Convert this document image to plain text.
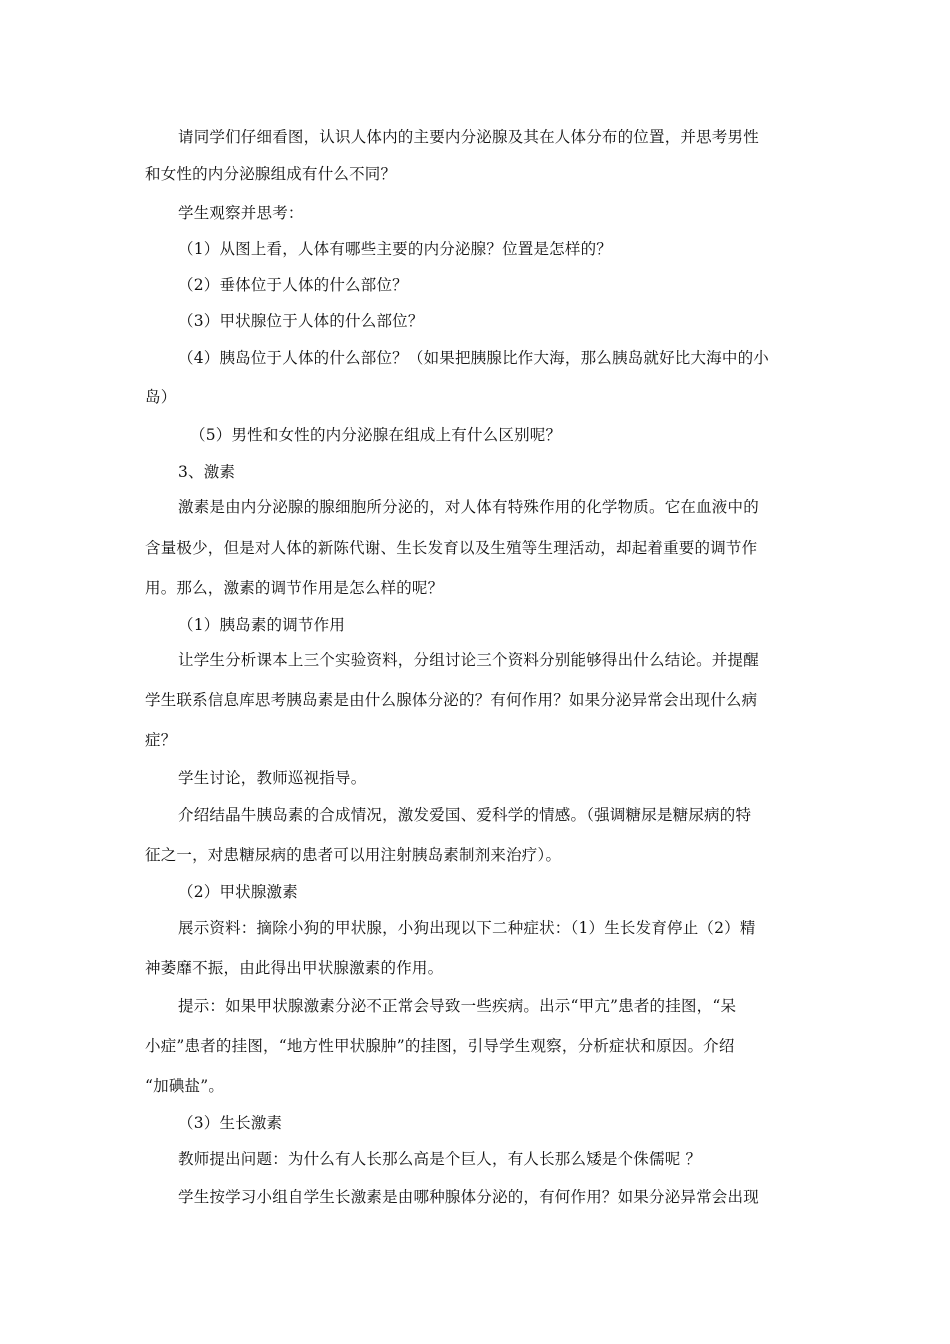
请同学们仔细看图，认识人体内的主要内分泌腺及其在人体分布的位置，并思考男性
和女性的内分泌腺组成有什么不同？
学生观察并思考：
（1）从图上看，人体有哪些主要的内分泌腺？位置是怎样的？
（2）垂体位于人体的什么部位？
（3）甲状腺位于人体的什么部位？
（4）胰岛位于人体的什么部位？（如果把胰腺比作大海，那么胰岛就好比大海中的小
岛）
（5）男性和女性的内分泌腺在组成上有什么区别呢？
3、激素
激素是由内分泌腺的腺细胞所分泌的，对人体有特殊作用的化学物质。它在血液中的
含量极少，但是对人体的新陈代谢、生长发育以及生殖等生理活动，却起着重要的调节作
用。那么，激素的调节作用是怎么样的呢？
（1）胰岛素的调节作用
让学生分析课本上三个实验资料，分组讨论三个资料分别能够得出什么结论。并提醒
学生联系信息库思考胰岛素是由什么腺体分泌的？有何作用？如果分泌异常会出现什么病
症？
学生讨论，教师巡视指导。
介绍结晶牛胰岛素的合成情况，激发爱国、爱科学的情感。（强调糖尿是糖尿病的特
征之一，对患糖尿病的患者可以用注射胰岛素制剂来治疗）。
（2）甲状腺激素
展示资料：摘除小狗的甲状腺，小狗出现以下二种症状：（1）生长发育停止（2）精
神萎靡不振，由此得出甲状腺激素的作用。
提示：如果甲状腺激素分泌不正常会导致一些疾病。出示“甲亢”患者的挂图，“呆
小症”患者的挂图，“地方性甲状腺肿”的挂图，引导学生观察，分析症状和原因。介绍
“加碘盐”。
（3）生长激素
教师提出问题：为什么有人长那么高是个巨人，有人长那么矮是个侏儒呢 ？
学生按学习小组自学生长激素是由哪种腺体分泌的，有何作用？如果分泌异常会出现
